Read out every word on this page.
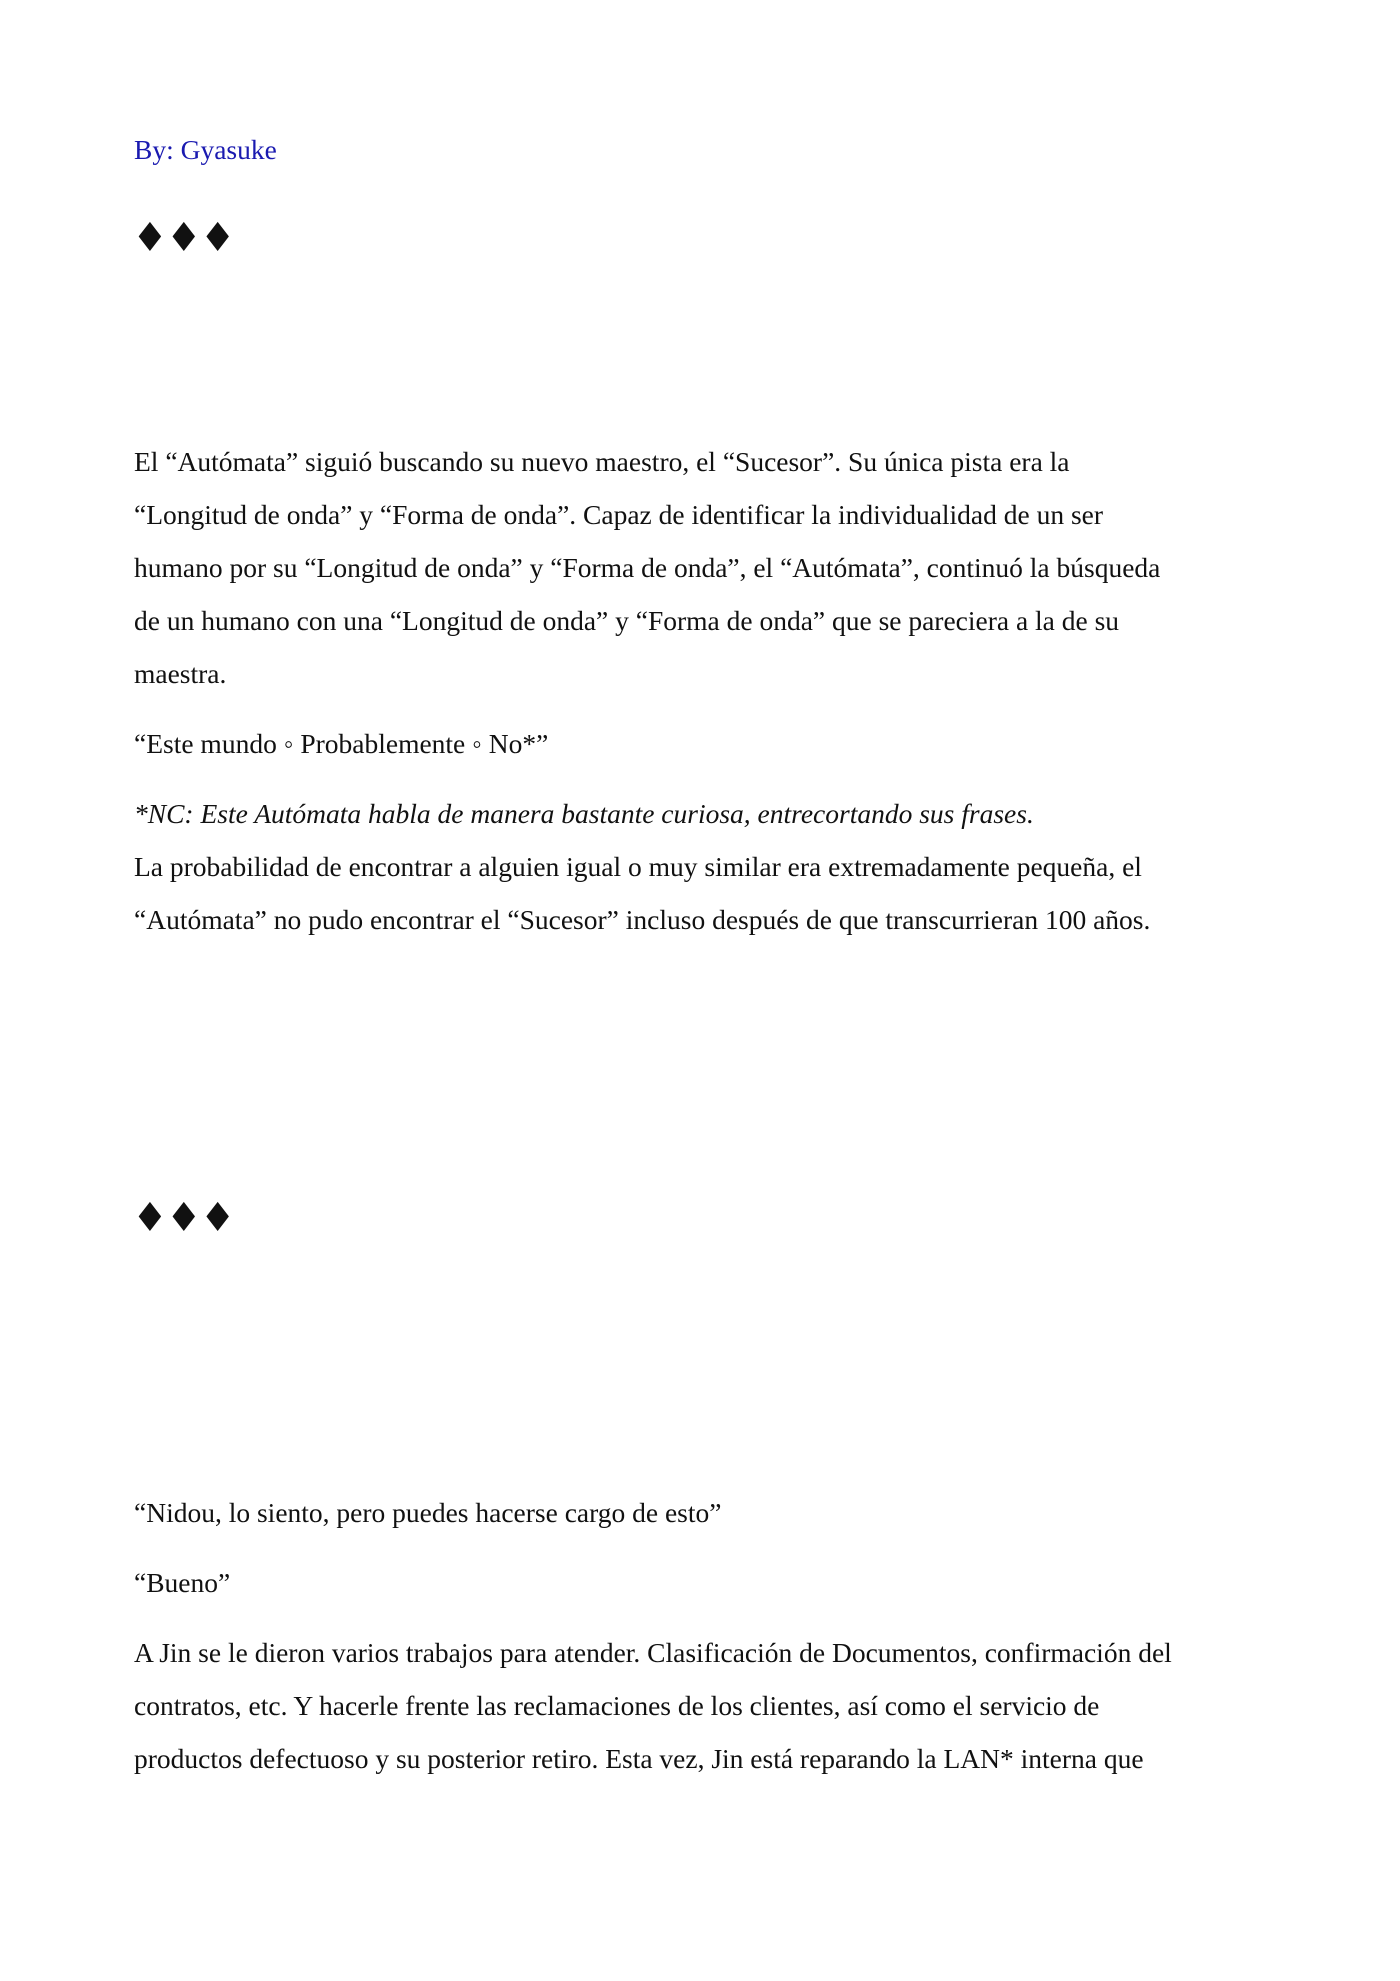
By: Gyasuke
♦♦♦
El “Autómata” siguió buscando su nuevo maestro, el “Sucesor”. Su única pista era la
“Longitud de onda” y “Forma de onda”. Capaz de identificar la individualidad de un ser
humano por su “Longitud de onda” y “Forma de onda”, el “Autómata”, continuó la búsqueda
de un humano con una “Longitud de onda” y “Forma de onda” que se pareciera a la de su
maestra.
“Este mundo ◦ Probablemente ◦ No*”
*NC: Este Autómata habla de manera bastante curiosa, entrecortando sus frases.
La probabilidad de encontrar a alguien igual o muy similar era extremadamente pequeña, el
“Autómata” no pudo encontrar el “Sucesor” incluso después de que transcurrieran 100 años.
♦♦♦
“Nidou, lo siento, pero puedes hacerse cargo de esto”
“Bueno”
A Jin se le dieron varios trabajos para atender. Clasificación de Documentos, confirmación del
contratos, etc. Y hacerle frente las reclamaciones de los clientes, así como el servicio de
productos defectuoso y su posterior retiro. Esta vez, Jin está reparando la LAN* interna que
